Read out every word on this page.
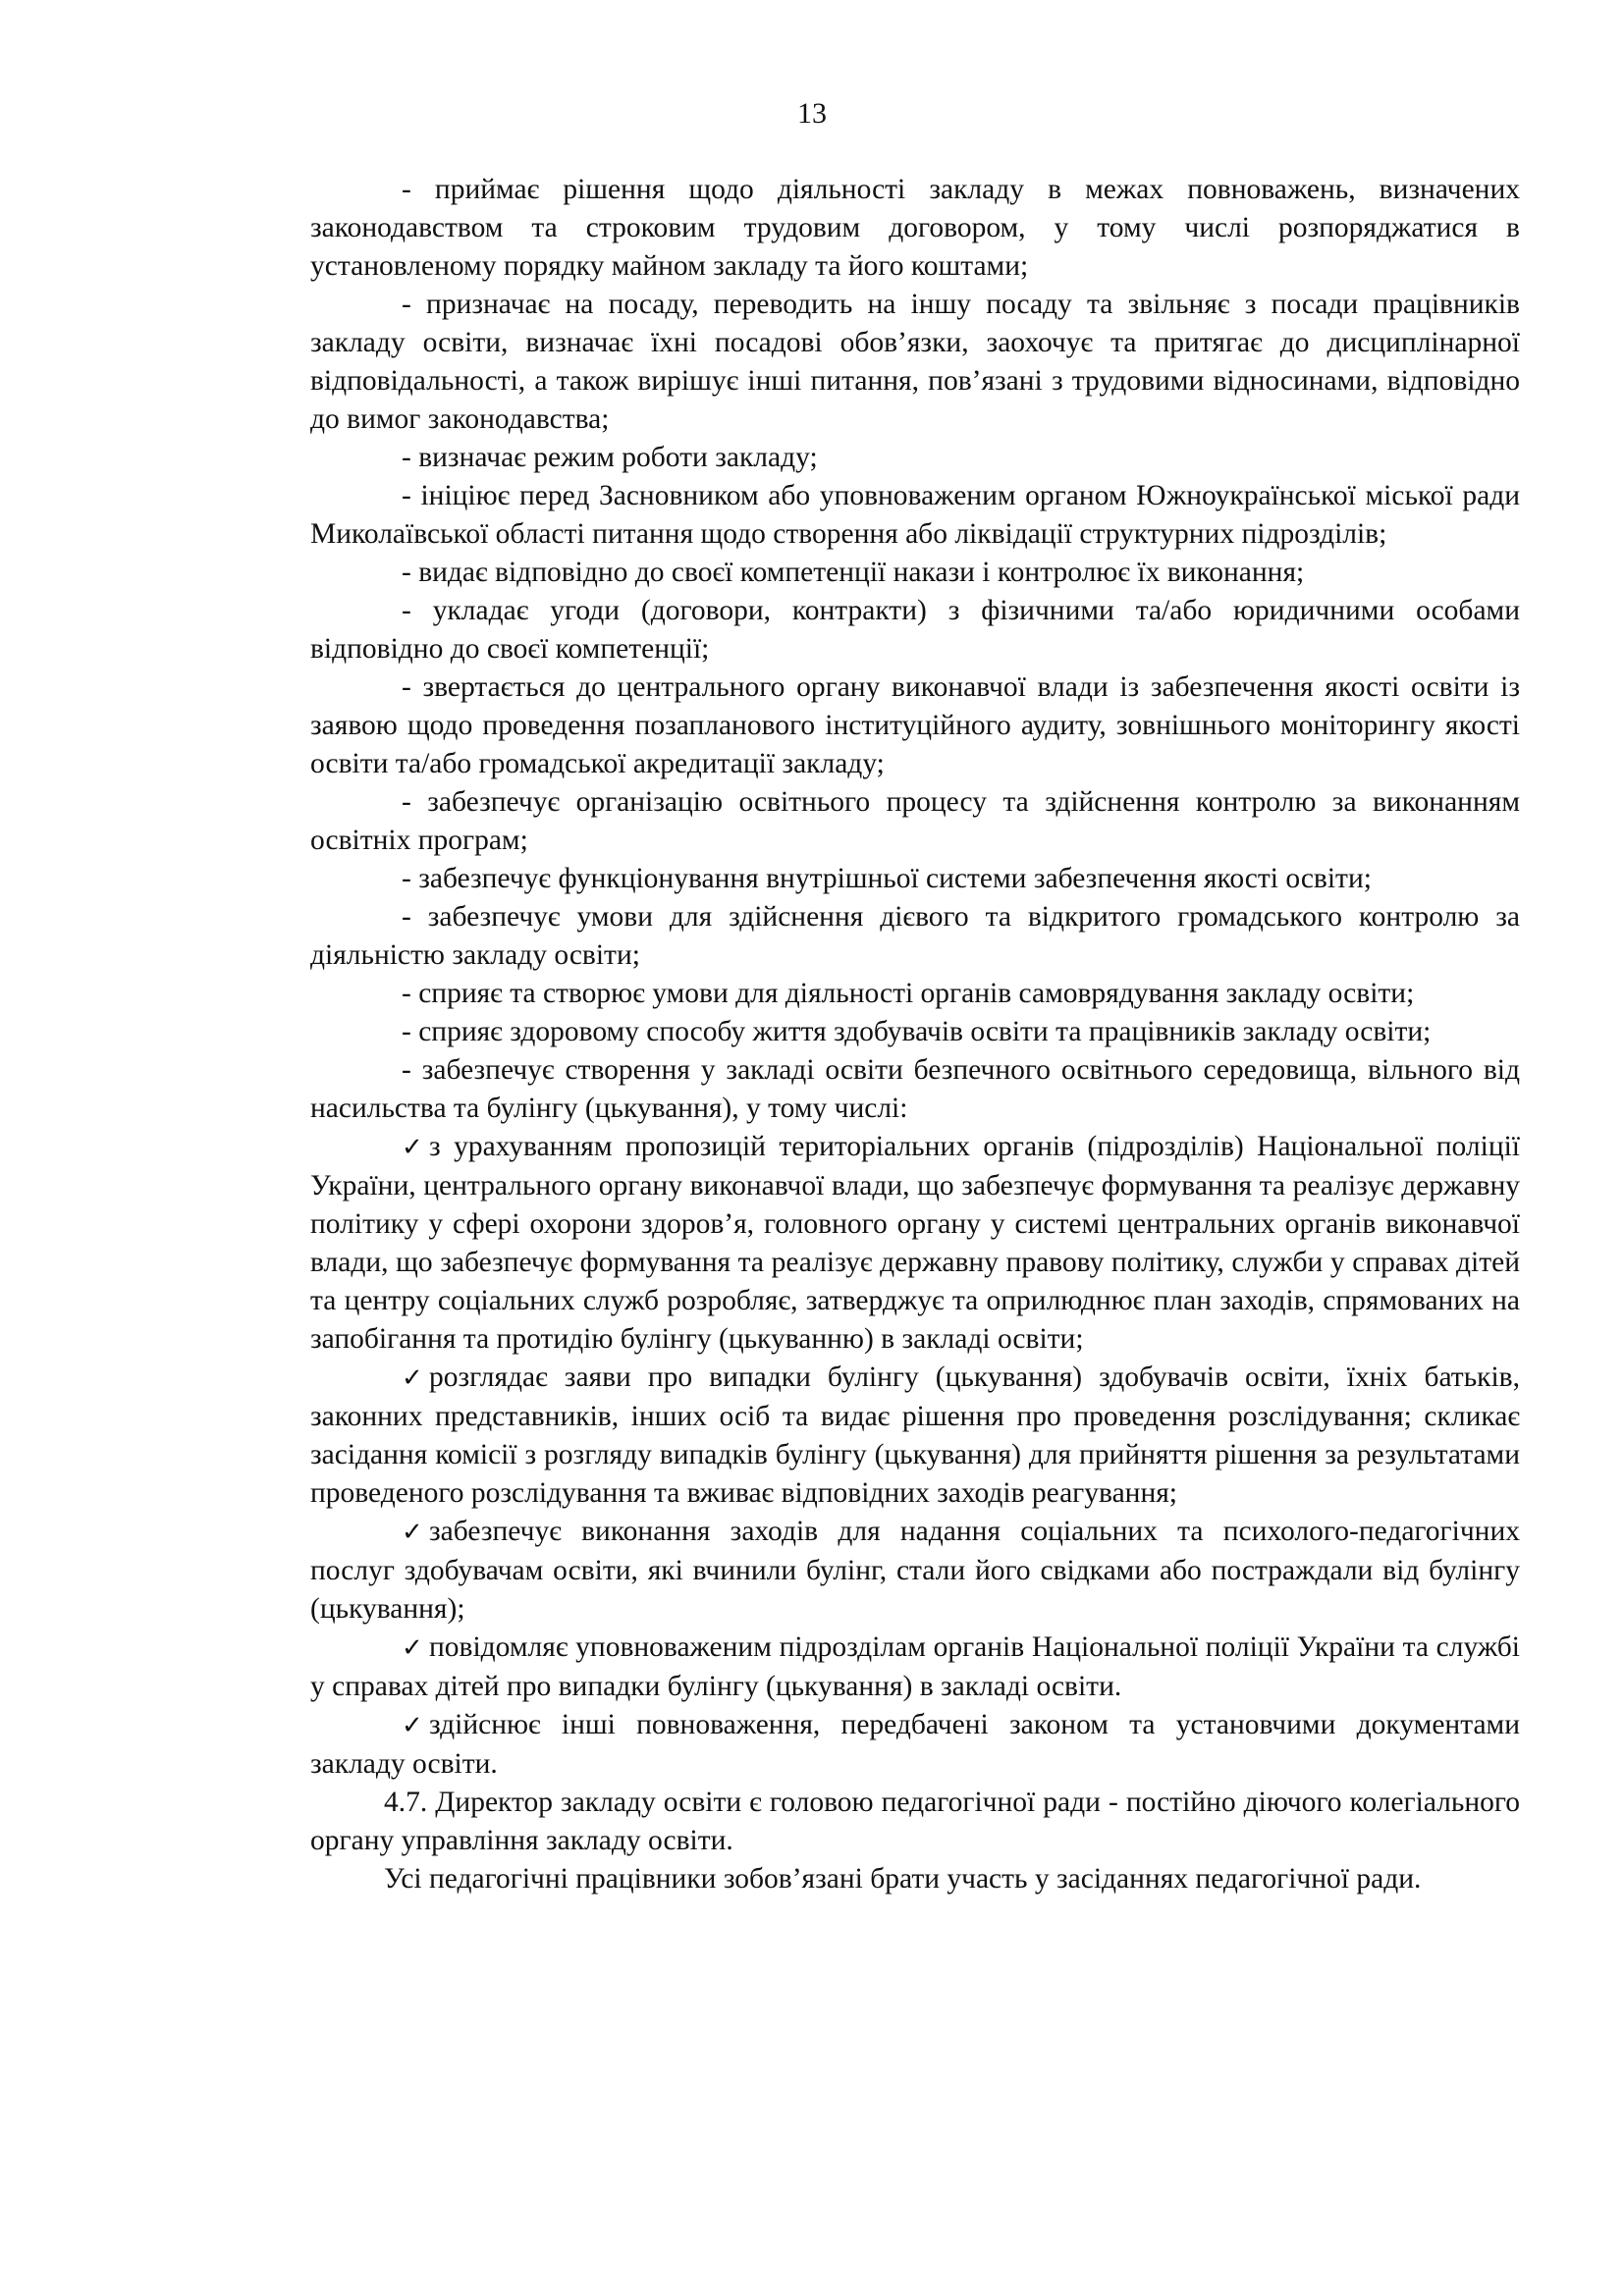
13

- приймає рішення щодо діяльності закладу в межах повноважень, визначених законодавством та строковим трудовим договором, у тому числі розпоряджатися в установленому порядку майном закладу та його коштами;

- призначає на посаду, переводить на іншу посаду та звільняє з посади працівників закладу освіти, визначає їхні посадові обов’язки, заохочує та притягає до дисциплінарної відповідальності, а також вирішує інші питання, пов’язані з трудовими відносинами, відповідно до вимог законодавства;

- визначає режим роботи закладу;

- ініціює перед Засновником або уповноваженим органом Южноукраїнської міської ради Миколаївської області питання щодо створення або ліквідації структурних підрозділів;

- видає відповідно до своєї компетенції накази і контролює їх виконання;

- укладає угоди (договори, контракти) з фізичними та/або юридичними особами відповідно до своєї компетенції;

- звертається до центрального органу виконавчої влади із забезпечення якості освіти із заявою щодо проведення позапланового інституційного аудиту, зовнішнього моніторингу якості освіти та/або громадської акредитації закладу;

- забезпечує організацію освітнього процесу та здійснення контролю за виконанням освітніх програм;

- забезпечує функціонування внутрішньої системи забезпечення якості освіти;

- забезпечує умови для здійснення дієвого та відкритого громадського контролю за діяльністю закладу освіти;

- сприяє та створює умови для діяльності органів самоврядування закладу освіти;

- сприяє здоровому способу життя здобувачів освіти та працівників закладу освіти;

- забезпечує створення у закладі освіти безпечного освітнього середовища, вільного від насильства та булінгу (цькування), у тому числі:

✓ з урахуванням пропозицій територіальних органів (підрозділів) Національної поліції України, центрального органу виконавчої влади, що забезпечує формування та реалізує державну політику у сфері охорони здоров’я, головного органу у системі центральних органів виконавчої влади, що забезпечує формування та реалізує державну правову політику, служби у справах дітей та центру соціальних служб розробляє, затверджує та оприлюднює план заходів, спрямованих на запобігання та протидію булінгу (цькуванню) в закладі освіти;

✓ розглядає заяви про випадки булінгу (цькування) здобувачів освіти, їхніх батьків, законних представників, інших осіб та видає рішення про проведення розслідування; скликає засідання комісії з розгляду випадків булінгу (цькування) для прийняття рішення за результатами проведеного розслідування та вживає відповідних заходів реагування;

✓ забезпечує виконання заходів для надання соціальних та психолого-педагогічних послуг здобувачам освіти, які вчинили булінг, стали його свідками або постраждали від булінгу (цькування);

✓ повідомляє уповноваженим підрозділам органів Національної поліції України та службі у справах дітей про випадки булінгу (цькування) в закладі освіти.

✓ здійснює інші повноваження, передбачені законом та установчими документами закладу освіти.

4.7. Директор закладу освіти є головою педагогічної ради - постійно діючого колегіального органу управління закладу освіти.

Усі педагогічні працівники зобов’язані брати участь у засіданнях педагогічної ради.
